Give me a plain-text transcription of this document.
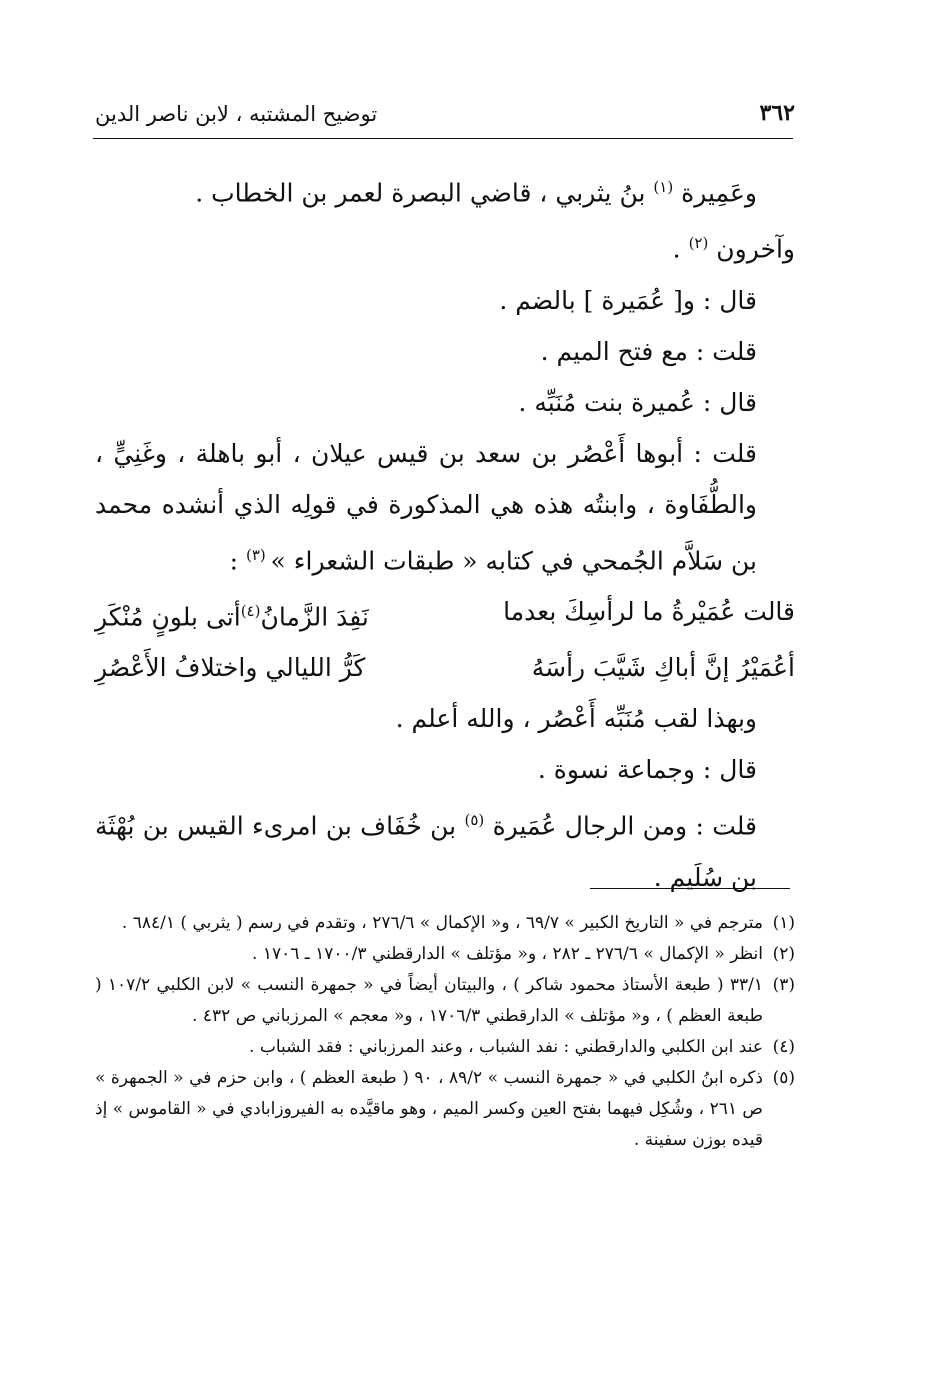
٣٦٢
توضيح المشتبه ، لابن ناصر الدين

وعَمِيرة $^{(١)}$ بنُ يثربي ، قاضي البصرة لعمر بن الخطاب .

وآخرون $^{(٢)}$ .

قال : و[ عُمَيرة ] بالضم .

قلت : مع فتح الميم .

قال : عُميرة بنت مُنَبِّه .

قلت : أبوها أَعْصُر بن سعد بن قيس عيلان ، أبو باهلة ، وغَنِيٍّ ، والطُّفَاوة ، وابنتُه هذه هي المذكورة في قولِه الذي أنشده محمد بن سَلاَّم الجُمحي في كتابه « طبقات الشعراء » $^{(٣)}$ :

قالت عُمَيْرةُ ما لرأسِكَ بعدما
نَفِدَ الزَّمانُ$^{(٤)}$أتى بلونٍ مُنْكَرِ
أعُمَيْرُ إنَّ أباكِ شَيَّبَ رأسَهُ
كَرُّ الليالي واختلافُ الأَعْصُرِ

وبهذا لقب مُنَبِّه أَعْصُر ، والله أعلم .

قال : وجماعة نسوة .

قلت : ومن الرجال عُمَيرة $^{(٥)}$ بن خُفَاف بن امرىء القيس بن بُهْثَة بن سُلَيم .

(١)
مترجم في « التاريخ الكبير » ٦٩/٧ ، و« الإكمال » ٢٧٦/٦ ، وتقدم في رسم ( يثربي ) ٦٨٤/١ .
(٢)
انظر « الإكمال » ٢٧٦/٦ ـ ٢٨٢ ، و« مؤتلف » الدارقطني ١٧٠٠/٣ ـ ١٧٠٦ .
(٣)
٣٣/١ ( طبعة الأستاذ محمود شاكر ) ، والبيتان أيضاً في « جمهرة النسب » لابن الكلبي ١٠٧/٢ ( طبعة العظم ) ، و« مؤتلف » الدارقطني ١٧٠٦/٣ ، و« معجم » المرزباني ص ٤٣٢ .
(٤)
عند ابن الكلبي والدارقطني : نفد الشباب ، وعند المرزباني : فقد الشباب .
(٥)
ذكره ابنُ الكلبي في « جمهرة النسب » ٨٩/٢ ، ٩٠ ( طبعة العظم ) ، وابن حزم في « الجمهرة » ص ٢٦١ ، وشُكِل فيهما بفتح العين وكسر الميم ، وهو ماقيَّده به الفيروزابادي في « القاموس » إذ قيده بوزن سفينة .
